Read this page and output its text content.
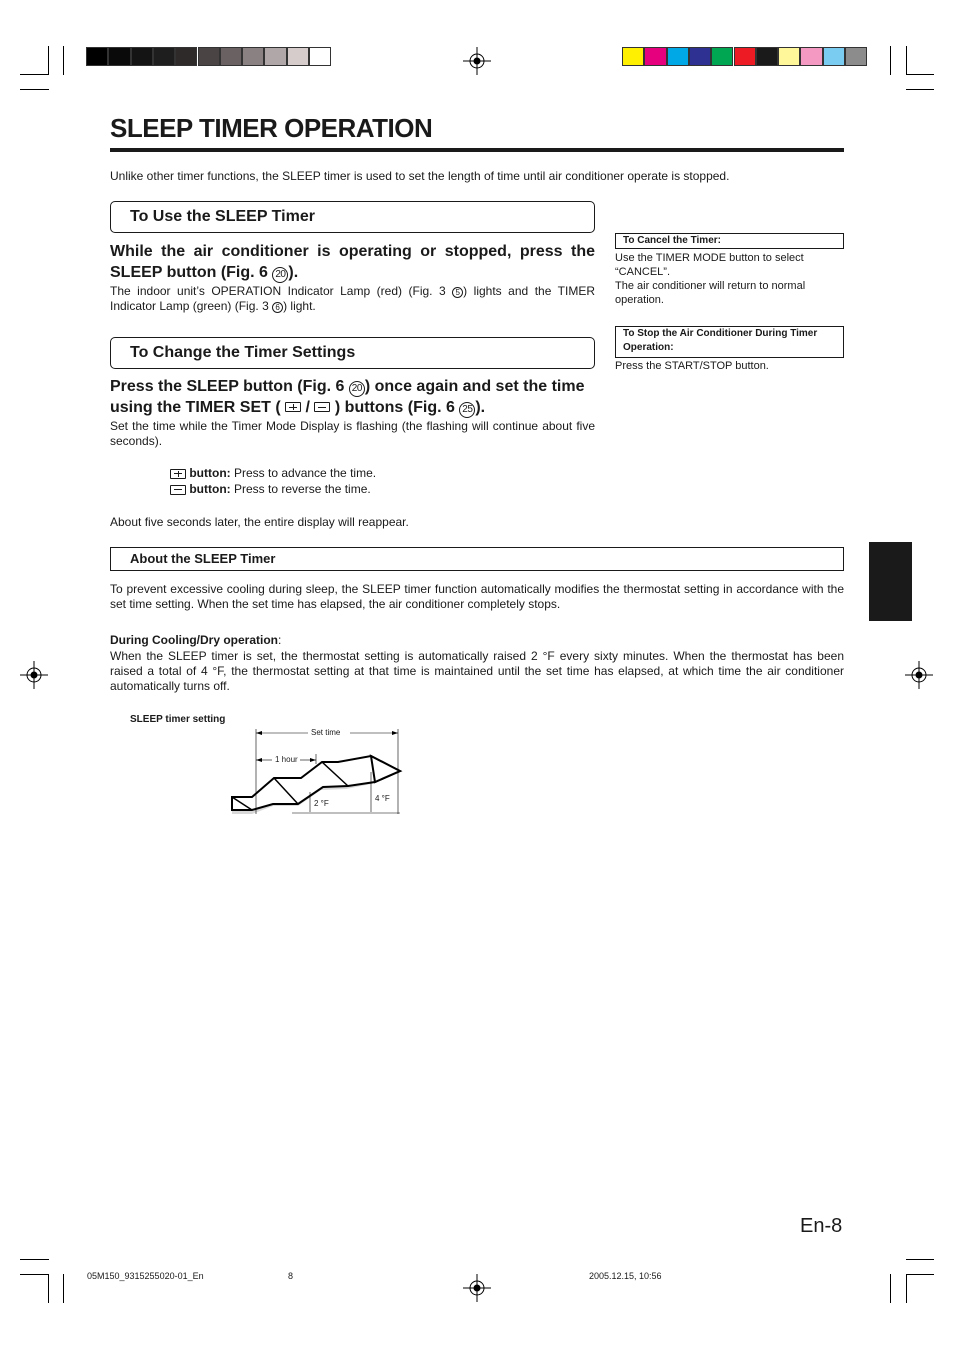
SLEEP TIMER OPERATION
Unlike other timer functions, the SLEEP timer is used to set the length of time until air conditioner operate is stopped.
To Use the SLEEP Timer
While the air conditioner is operating or stopped, press the SLEEP button (Fig. 6 20 ).
The indoor unit’s OPERATION Indicator Lamp (red) (Fig. 3 5 ) lights and the TIMER Indicator Lamp (green) (Fig. 3 6 ) light.
To Change the Timer Settings
Press the SLEEP button (Fig. 6 20 ) once again and set the time using the TIMER SET (
/
) buttons (Fig. 6 25 ).
Set the time while the Timer Mode Display is flashing (the flashing will continue about five seconds).
button: Press to advance the time.
button: Press to reverse the time.
About five seconds later, the entire display will reappear.
To Cancel the Timer:
Use the TIMER MODE button to select “CANCEL”.
The air conditioner will return to normal operation.
To Stop the Air Conditioner During Timer Operation:
Press the START/STOP button.
About the SLEEP Timer
To prevent excessive cooling during sleep, the SLEEP timer function automatically modifies the thermostat setting in accordance with the set time setting. When the set time has elapsed, the air conditioner completely stops.
During Cooling/Dry operation:
When the SLEEP timer is set, the thermostat setting is automatically raised 2 °F every sixty minutes. When the thermostat has been raised a total of 4 °F, the thermostat setting at that time is maintained until the set time has elapsed, at which time the air conditioner automatically turns off.
SLEEP timer setting
Set time
1 hour
2 °F
4 °F
En-8
05M150_9315255020-01_En	8	2005.12.15, 10:56
